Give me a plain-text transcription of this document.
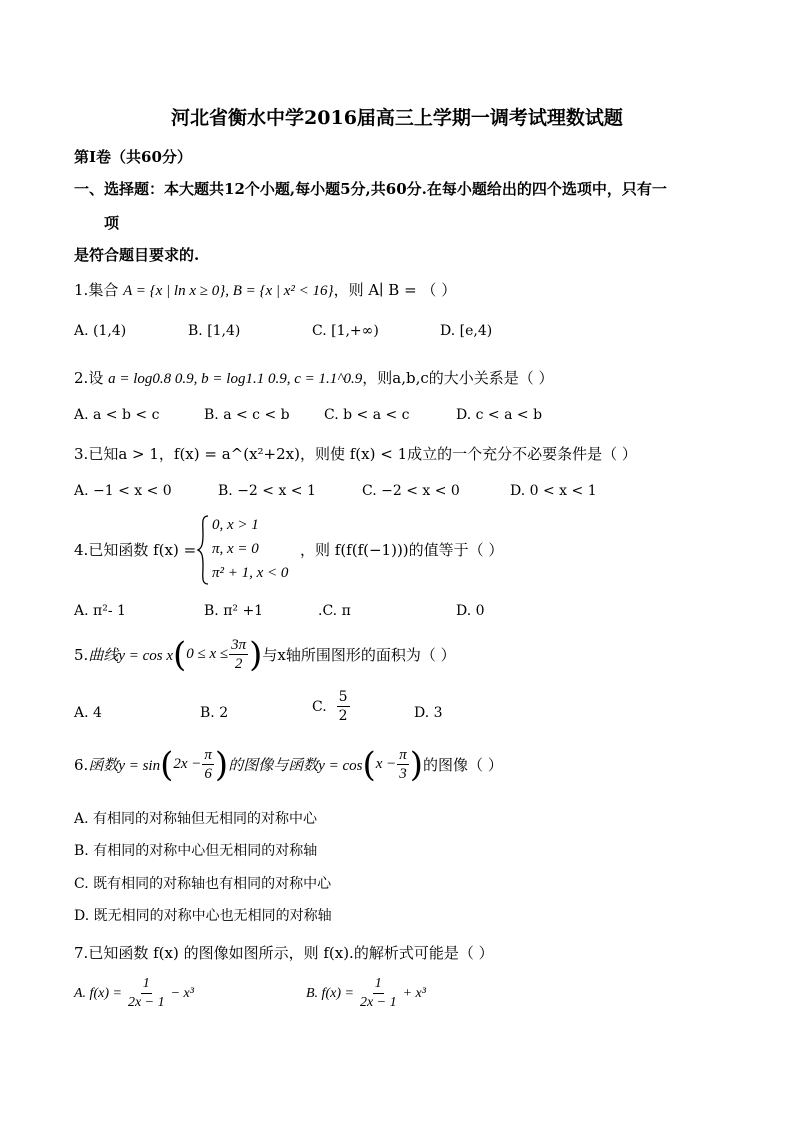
河北省衡水中学2016届高三上学期一调考试理数试题
第Ⅰ卷（共60分）
一、选择题：本大题共12个小题,每小题5分,共60分.在每小题给出的四个选项中，只有一
项
是符合题目要求的.
1.集合 A = {x | ln x ≥ 0}, B = {x | x² < 16}，则 A∣ B = （ ）
A. (1,4)	B. [1,4)	C. [1,+∞)	D. [e,4)
2.设 a = log0.8 0.9, b = log1.1 0.9, c = 1.1^0.9，则a,b,c的大小关系是（ ）
A. a < b < c	B. a < c < b C. b < a < c	D. c < a < b
3.已知a > 1，f(x) = a^(x²+2x)，则使 f(x) < 1成立的一个充分不必要条件是（ ）
A. −1 < x < 0	B. −2 < x < 1	C. −2 < x < 0	D. 0 < x < 1
4.已知函数 f(x) =
0, x > 1
π, x = 0
π² + 1, x < 0
，则 f(f(f(−1)))的值等于（ ）
A. π²- 1	B. π² +1	.C. π	D. 0
5. 曲线y = cos x ( $0 \le x \le \frac{3\pi}{2}$ ) 与x轴所围图形的面积为（ ）
A. 4	B. 2	C. $\frac{5}{2}$	D. 3
6. 函数y = sin ( $2x - \frac{\pi}{6}$ ) 的图像与函数y = cos ( $x - \frac{\pi}{3}$ ) 的图像（ ）
A. 有相同的对称轴但无相同的对称中心
B. 有相同的对称中心但无相同的对称轴
C. 既有相同的对称轴也有相同的对称中心
D. 既无相同的对称中心也无相同的对称轴
7.已知函数 f(x) 的图像如图所示，则 f(x).的解析式可能是（ ）
A. $f(x) = \frac{1}{2x - 1} - x^3$	B. $f(x) = \frac{1}{2x - 1} + x^3$
